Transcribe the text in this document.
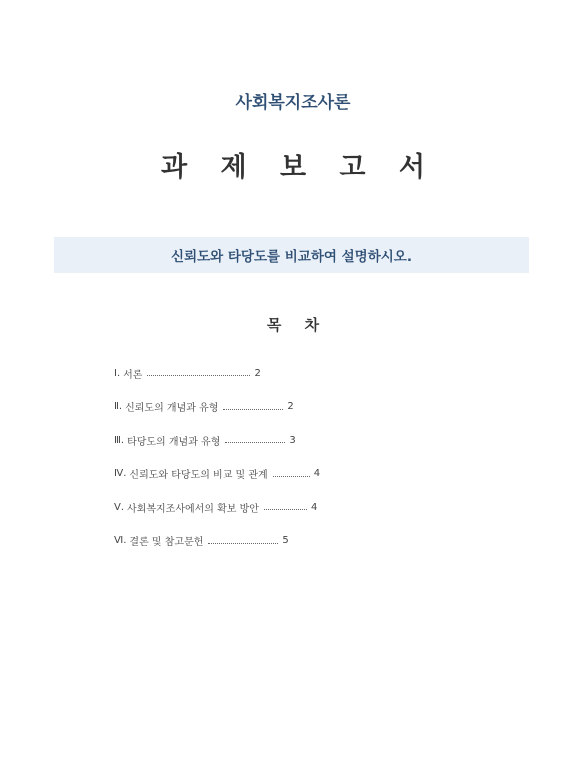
사회복지조사론
과 제 보 고 서
신뢰도와 타당도를 비교하여 설명하시오.
목 차
Ⅰ. 서론	2
Ⅱ. 신뢰도의 개념과 유형	2
Ⅲ. 타당도의 개념과 유형	3
Ⅳ. 신뢰도와 타당도의 비교 및 관계	4
Ⅴ. 사회복지조사에서의 확보 방안	4
Ⅵ. 결론 및 참고문헌	5
